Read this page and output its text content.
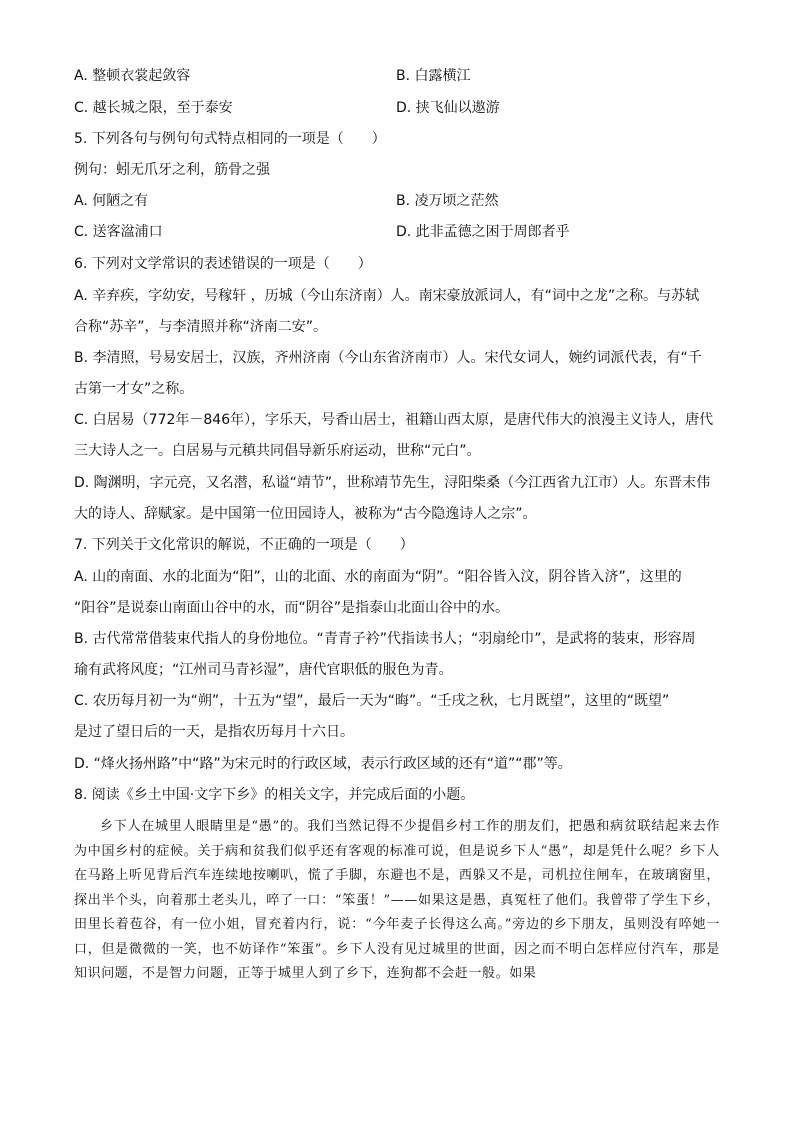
A. 整顿衣裳起敛容	B. 白露横江
C. 越长城之限，至于泰安	D. 挟飞仙以遨游
5. 下列各句与例句句式特点相同的一项是（　　）
例句：蚓无爪牙之利，筋骨之强
A. 何陋之有	B. 凌万顷之茫然
C. 送客湓浦口	D. 此非孟德之困于周郎者乎
6. 下列对文学常识的表述错误的一项是（　　）
A. 辛弃疾，字幼安，号稼轩 ，历城（今山东济南）人。南宋豪放派词人，有“词中之龙”之称。与苏轼
合称“苏辛”，与李清照并称“济南二安”。
B. 李清照，号易安居士，汉族，齐州济南（今山东省济南市）人。宋代女词人，婉约词派代表，有“千
古第一才女”之称。
C. 白居易（772年－846年），字乐天，号香山居士，祖籍山西太原，是唐代伟大的浪漫主义诗人，唐代
三大诗人之一。白居易与元稹共同倡导新乐府运动，世称“元白”。
D. 陶渊明，字元亮，又名潜，私谥“靖节”，世称靖节先生，浔阳柴桑（今江西省九江市）人。东晋末伟
大的诗人、辞赋家。是中国第一位田园诗人，被称为“古今隐逸诗人之宗”。
7. 下列关于文化常识的解说，不正确的一项是（　　）
A. 山的南面、水的北面为“阳”，山的北面、水的南面为“阴”。“阳谷皆入汶，阴谷皆入济”，这里的
“阳谷”是说泰山南面山谷中的水，而“阴谷”是指泰山北面山谷中的水。
B. 古代常常借装束代指人的身份地位。“青青子衿”代指读书人；“羽扇纶巾”，是武将的装束，形容周
瑜有武将风度；“江州司马青衫湿”，唐代官职低的服色为青。
C. 农历每月初一为“朔”，十五为“望”，最后一天为“晦”。“壬戌之秋，七月既望”，这里的“既望”
是过了望日后的一天，是指农历每月十六日。
D. “烽火扬州路”中“路”为宋元时的行政区域，表示行政区域的还有“道”“郡”等。
8. 阅读《乡土中国·文字下乡》的相关文字，并完成后面的小题。

乡下人在城里人眼睛里是“愚”的。我们当然记得不少提倡乡村工作的朋友们，把愚和病贫联结起来去作为中国乡村的症候。关于病和贫我们似乎还有客观的标准可说，但是说乡下人“愚”，却是凭什么呢？乡下人在马路上听见背后汽车连续地按喇叭，慌了手脚，东避也不是，西躲又不是，司机拉住闸车，在玻璃窗里，探出半个头，向着那土老头儿，啐了一口：“笨蛋！”——如果这是愚，真冤枉了他们。我曾带了学生下乡，田里长着苞谷，有一位小姐，冒充着内行，说：“今年麦子长得这么高。”旁边的乡下朋友，虽则没有啐她一口，但是微微的一笑，也不妨译作“笨蛋”。乡下人没有见过城里的世面，因之而不明白怎样应付汽车，那是知识问题，不是智力问题，正等于城里人到了乡下，连狗都不会赶一般。如果
